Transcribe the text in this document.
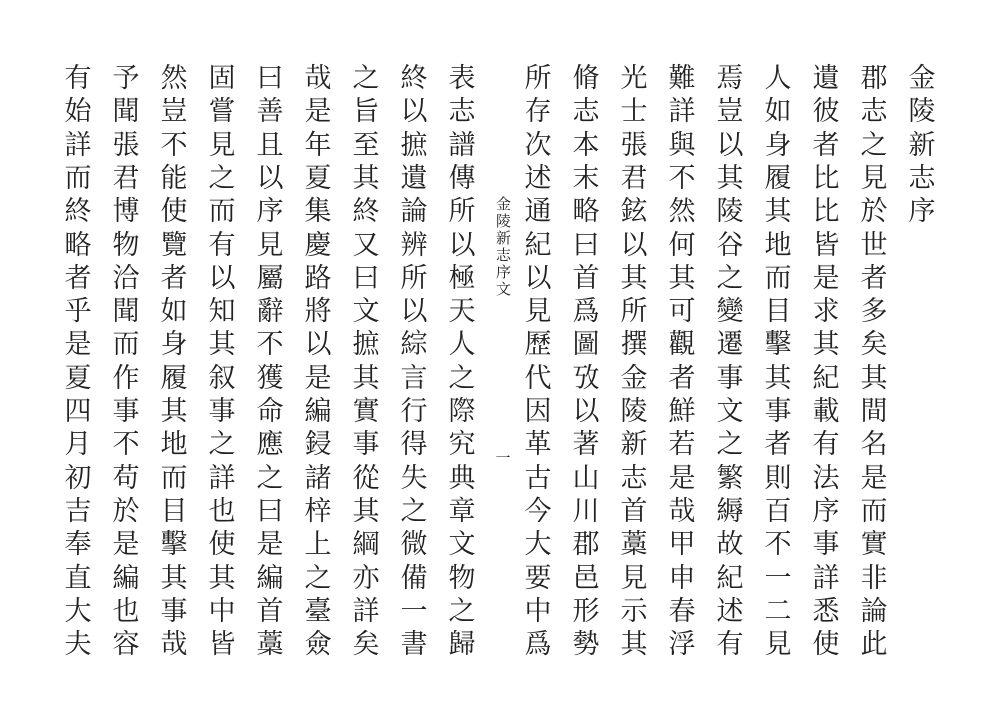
金
陵
新
志
序
郡
志
之
見
於
世
者
多
矣
其
間
名
是
而
實
非
論
此
遺
彼
者
比
比
皆
是
求
其
紀
載
有
法
序
事
詳
悉
使
人
如
身
履
其
地
而
目
擊
其
事
者
則
百
不
一
二
見
焉
豈
以
其
陵
谷
之
變
遷
事
文
之
繁
縟
故
紀
述
有
難
詳
與
不
然
何
其
可
觀
者
鮮
若
是
哉
甲
申
春
浮
光
士
張
君
鉉
以
其
所
撰
金
陵
新
志
首
藁
見
示
其
脩
志
本
末
略
曰
首
爲
圖
攷
以
著
山
川
郡
邑
形
勢
所
存
次
述
通
紀
以
見
歷
代
因
革
古
今
大
要
中
爲
金陵新志序文
一
表
志
譜
傳
所
以
極
天
人
之
際
究
典
章
文
物
之
歸
終
以
摭
遺
論
辨
所
以
綜
言
行
得
失
之
微
備
一
書
之
旨
至
其
終
又
曰
文
摭
其
實
事
從
其
綱
亦
詳
矣
哉
是
年
夏
集
慶
路
將
以
是
編
鋟
諸
梓
上
之
臺
僉
曰
善
且
以
序
見
屬
辭
不
獲
命
應
之
曰
是
編
首
藁
固
嘗
見
之
而
有
以
知
其
叙
事
之
詳
也
使
其
中
皆
然
豈
不
能
使
覽
者
如
身
履
其
地
而
目
擊
其
事
哉
予
聞
張
君
博
物
洽
聞
而
作
事
不
苟
於
是
編
也
容
有
始
詳
而
終
略
者
乎
是
夏
四
月
初
吉
奉
直
大
夫
